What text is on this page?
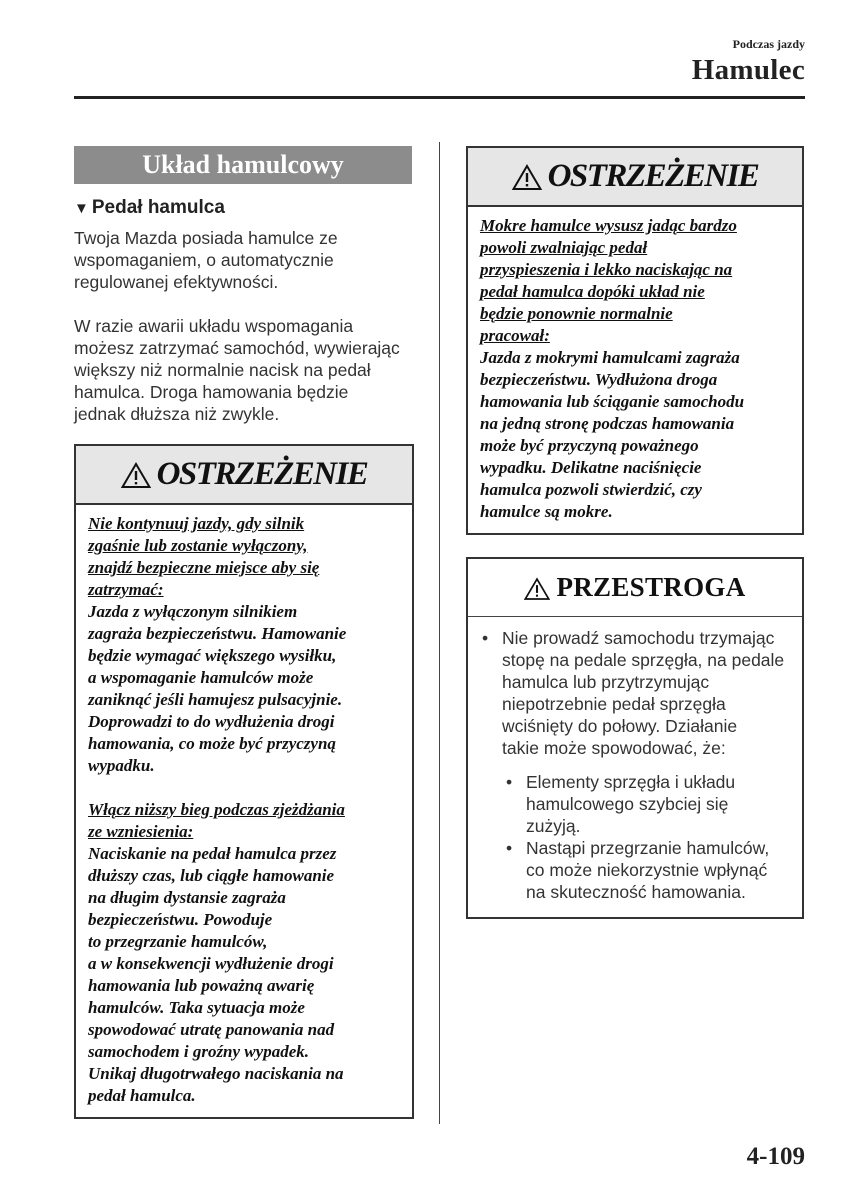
Podczas jazdy
Hamulec
Układ hamulcowy
▼ Pedał hamulca
Twoja Mazda posiada hamulce ze
wspomaganiem, o automatycznie
regulowanej efektywności.
W razie awarii układu wspomagania
możesz zatrzymać samochód, wywierając
większy niż normalnie nacisk na pedał
hamulca. Droga hamowania będzie
jednak dłuższa niż zwykle.
OSTRZEŻENIE
Nie kontynuuj jazdy, gdy silnik
zgaśnie lub zostanie wyłączony,
znajdź bezpieczne miejsce aby się
zatrzymać:
Jazda z wyłączonym silnikiem
zagraża bezpieczeństwu. Hamowanie
będzie wymagać większego wysiłku,
a wspomaganie hamulców może
zaniknąć jeśli hamujesz pulsacyjnie.
Doprowadzi to do wydłużenia drogi
hamowania, co może być przyczyną
wypadku.
Włącz niższy bieg podczas zjeżdżania
ze wzniesienia:
Naciskanie na pedał hamulca przez
dłuższy czas, lub ciągłe hamowanie
na długim dystansie zagraża
bezpieczeństwu. Powoduje
to przegrzanie hamulców,
a w konsekwencji wydłużenie drogi
hamowania lub poważną awarię
hamulców. Taka sytuacja może
spowodować utratę panowania nad
samochodem i groźny wypadek.
Unikaj długotrwałego naciskania na
pedał hamulca.
OSTRZEŻENIE
Mokre hamulce wysusz jadąc bardzo
powoli zwalniając pedał
przyspieszenia i lekko naciskając na
pedał hamulca dopóki układ nie
będzie ponownie normalnie
pracował:
Jazda z mokrymi hamulcami zagraża
bezpieczeństwu. Wydłużona droga
hamowania lub ściąganie samochodu
na jedną stronę podczas hamowania
może być przyczyną poważnego
wypadku. Delikatne naciśnięcie
hamulca pozwoli stwierdzić, czy
hamulce są mokre.
PRZESTROGA
• Nie prowadź samochodu trzymając
stopę na pedale sprzęgła, na pedale
hamulca lub przytrzymując
niepotrzebnie pedał sprzęgła
wciśnięty do połowy. Działanie
takie może spowodować, że:
• Elementy sprzęgła i układu
hamulcowego szybciej się
zużyją.
• Nastąpi przegrzanie hamulców,
co może niekorzystnie wpłynąć
na skuteczność hamowania.
4-109
